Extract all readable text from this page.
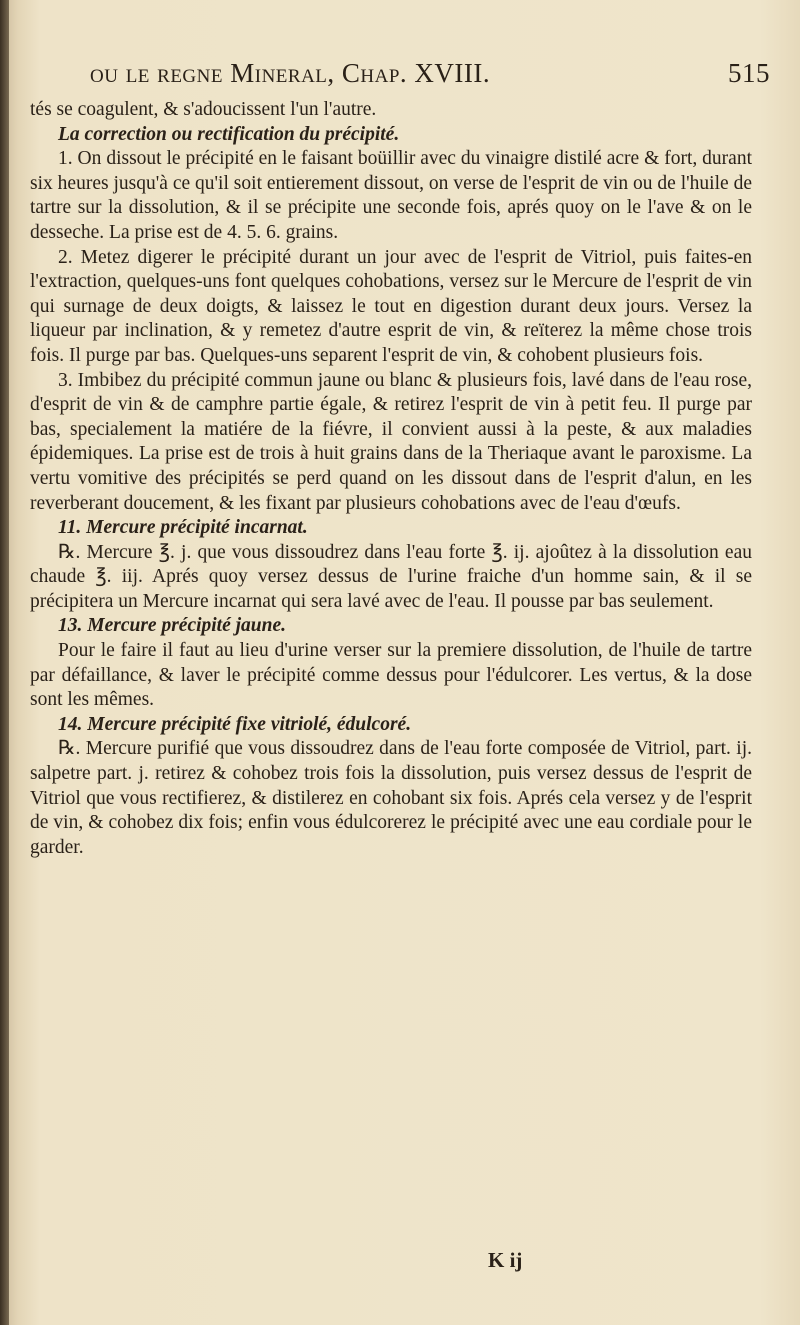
ou le regne Mineral, Chap. XVIII.	515

tés se coagulent, & s'adoucissent l'un l'autre.

La correction ou rectification du précipité.

1. On dissout le précipité en le faisant boüillir avec du vinaigre distilé acre & fort, durant six heures jusqu'à ce qu'il soit entierement dissout, on verse de l'esprit de vin ou de l'huile de tartre sur la dissolution, & il se précipite une seconde fois, aprés quoy on le l'ave & on le desseche. La prise est de 4. 5. 6. grains.

2. Metez digerer le précipité durant un jour avec de l'esprit de Vitriol, puis faites-en l'extraction, quelques-uns font quelques cohobations, versez sur le Mercure de l'esprit de vin qui surnage de deux doigts, & laissez le tout en digestion durant deux jours. Versez la liqueur par inclination, & y remetez d'autre esprit de vin, & reïterez la même chose trois fois. Il purge par bas. Quelques-uns separent l'esprit de vin, & cohobent plusieurs fois.

3. Imbibez du précipité commun jaune ou blanc & plusieurs fois, lavé dans de l'eau rose, d'esprit de vin & de camphre partie égale, & retirez l'esprit de vin à petit feu. Il purge par bas, specialement la matiére de la fiévre, il convient aussi à la peste, & aux maladies épidemiques. La prise est de trois à huit grains dans de la Theriaque avant le paroxisme. La vertu vomitive des précipités se perd quand on les dissout dans de l'esprit d'alun, en les reverberant doucement, & les fixant par plusieurs cohobations avec de l'eau d'œufs.

11. Mercure précipité incarnat.

℞. Mercure ℥. j. que vous dissoudrez dans l'eau forte ℥. ij. ajoûtez à la dissolution eau chaude ℥. iij. Aprés quoy versez dessus de l'urine fraiche d'un homme sain, & il se précipitera un Mercure incarnat qui sera lavé avec de l'eau. Il pousse par bas seulement.

13. Mercure précipité jaune.

Pour le faire il faut au lieu d'urine verser sur la premiere dissolution, de l'huile de tartre par défaillance, & laver le précipité comme dessus pour l'édulcorer. Les vertus, & la dose sont les mêmes.

14. Mercure précipité fixe vitriolé, édulcoré.

℞. Mercure purifié que vous dissoudrez dans de l'eau forte composée de Vitriol, part. ij. salpetre part. j. retirez & cohobez trois fois la dissolution, puis versez dessus de l'esprit de Vitriol que vous rectifierez, & distilerez en cohobant six fois. Aprés cela versez y de l'esprit de vin, & cohobez dix fois; enfin vous édulcorerez le précipité avec une eau cordiale pour le garder.

K ij
